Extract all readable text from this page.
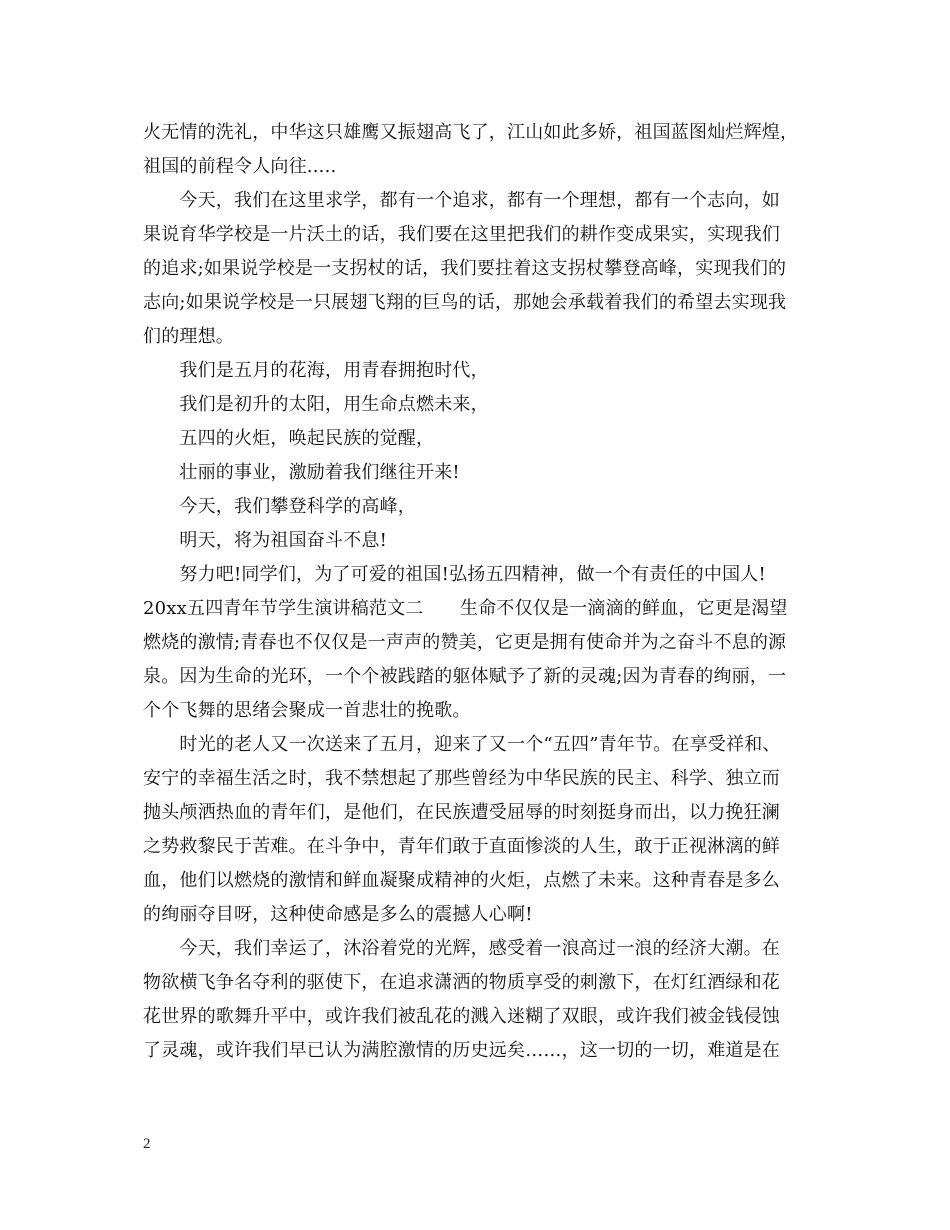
火无情的洗礼，中华这只雄鹰又振翅高飞了，江山如此多娇，祖国蓝图灿烂辉煌，
祖国的前程令人向往.....
　　今天，我们在这里求学，都有一个追求，都有一个理想，都有一个志向，如
果说育华学校是一片沃土的话，我们要在这里把我们的耕作变成果实，实现我们
的追求;如果说学校是一支拐杖的话，我们要拄着这支拐杖攀登高峰，实现我们的
志向;如果说学校是一只展翅飞翔的巨鸟的话，那她会承载着我们的希望去实现我
们的理想。
　　我们是五月的花海，用青春拥抱时代，
　　我们是初升的太阳，用生命点燃未来，
　　五四的火炬，唤起民族的觉醒，
　　壮丽的事业，激励着我们继往开来!
　　今天，我们攀登科学的高峰，
　　明天，将为祖国奋斗不息!
　　努力吧!同学们，为了可爱的祖国!弘扬五四精神，做一个有责任的中国人!
20xx五四青年节学生演讲稿范文二　　生命不仅仅是一滴滴的鲜血，它更是渴望
燃烧的激情;青春也不仅仅是一声声的赞美，它更是拥有使命并为之奋斗不息的源
泉。因为生命的光环，一个个被践踏的躯体赋予了新的灵魂;因为青春的绚丽，一
个个飞舞的思绪会聚成一首悲壮的挽歌。
　　时光的老人又一次送来了五月，迎来了又一个“五四”青年节。在享受祥和、
安宁的幸福生活之时，我不禁想起了那些曾经为中华民族的民主、科学、独立而
抛头颅洒热血的青年们，是他们，在民族遭受屈辱的时刻挺身而出，以力挽狂澜
之势救黎民于苦难。在斗争中，青年们敢于直面惨淡的人生，敢于正视淋漓的鲜
血，他们以燃烧的激情和鲜血凝聚成精神的火炬，点燃了未来。这种青春是多么
的绚丽夺目呀，这种使命感是多么的震撼人心啊!
　　今天，我们幸运了，沐浴着党的光辉，感受着一浪高过一浪的经济大潮。在
物欲横飞争名夺利的驱使下，在追求潇洒的物质享受的刺激下，在灯红酒绿和花
花世界的歌舞升平中，或许我们被乱花的溅入迷糊了双眼，或许我们被金钱侵蚀
了灵魂，或许我们早已认为满腔激情的历史远矣……，这一切的一切，难道是在
2
